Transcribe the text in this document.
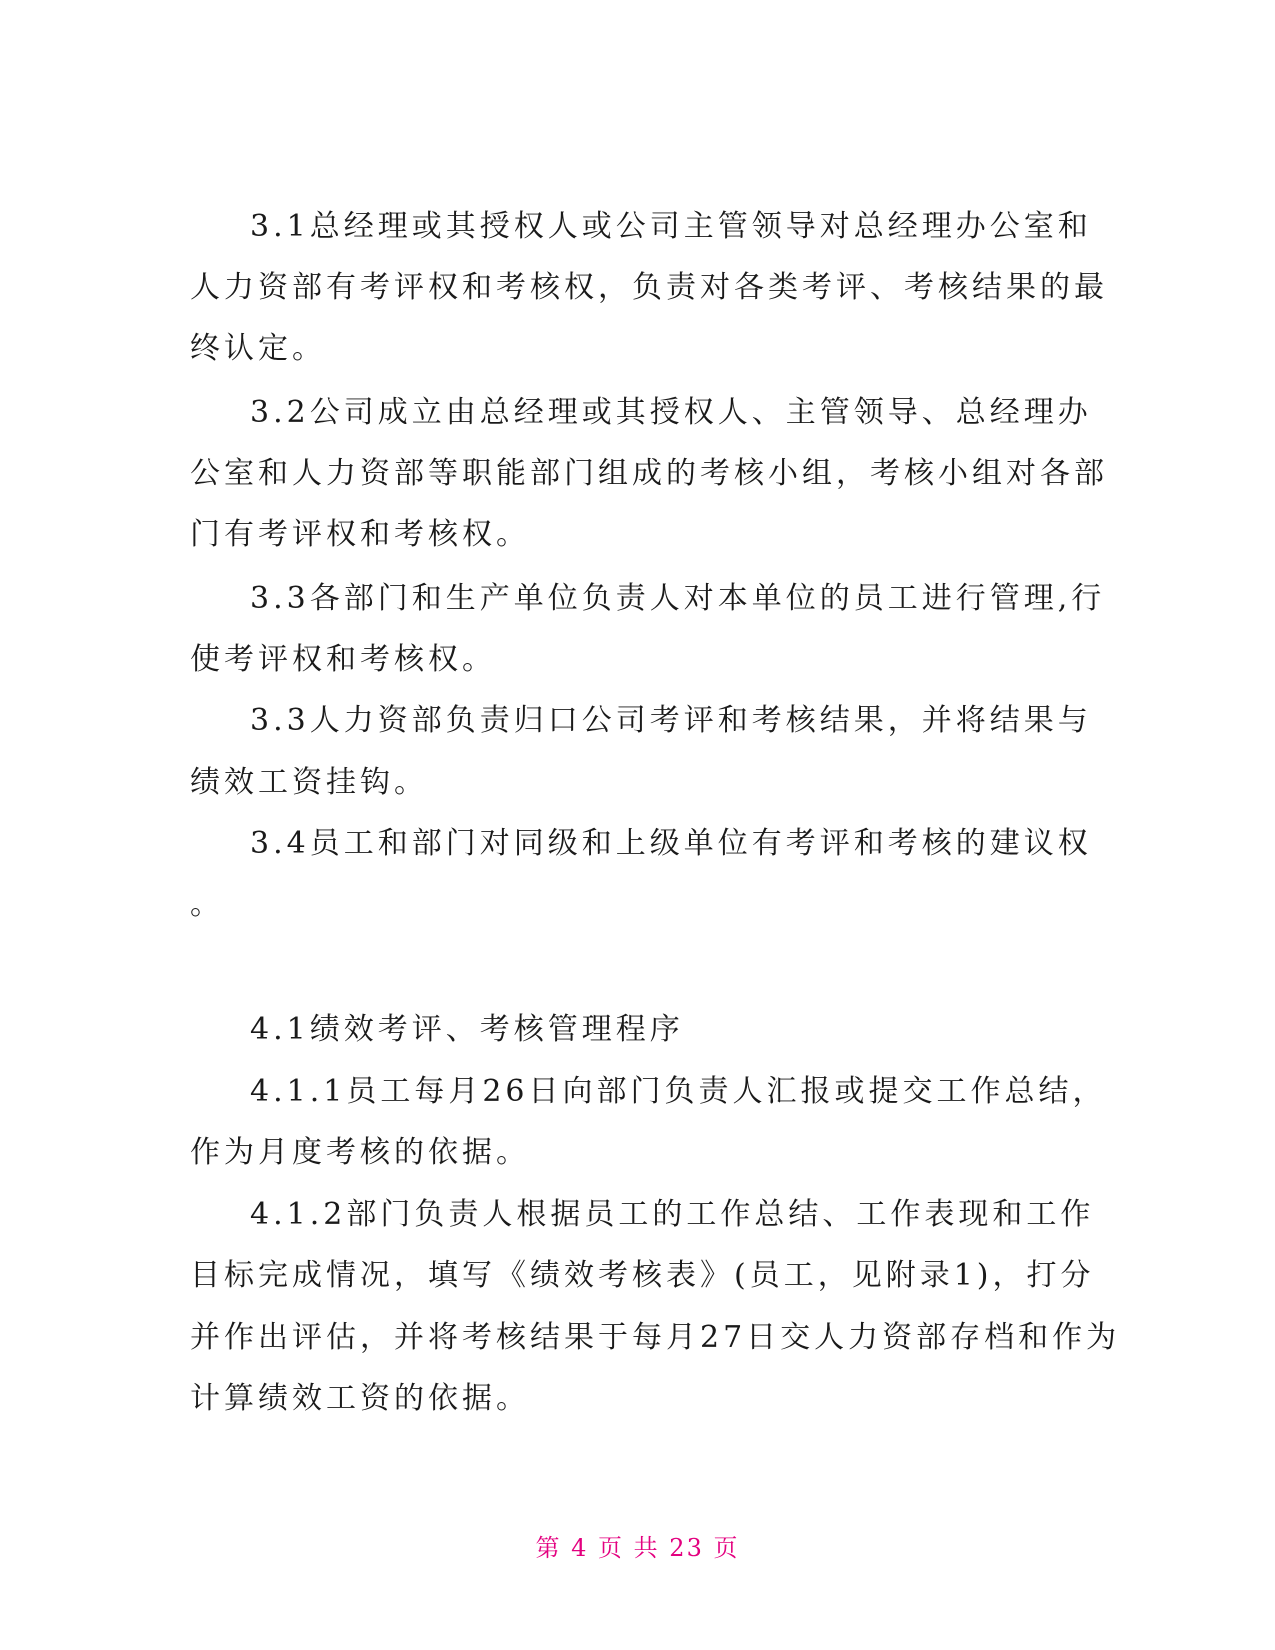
3.1总经理或其授权人或公司主管领导对总经理办公室和
人力资部有考评权和考核权，负责对各类考评、考核结果的最
终认定。
3.2公司成立由总经理或其授权人、主管领导、总经理办
公室和人力资部等职能部门组成的考核小组，考核小组对各部
门有考评权和考核权。
3.3各部门和生产单位负责人对本单位的员工进行管理,行
使考评权和考核权。
3.3人力资部负责归口公司考评和考核结果，并将结果与
绩效工资挂钩。
3.4员工和部门对同级和上级单位有考评和考核的建议权
。
4.1绩效考评、考核管理程序
4.1.1员工每月26日向部门负责人汇报或提交工作总结，
作为月度考核的依据。
4.1.2部门负责人根据员工的工作总结、工作表现和工作
目标完成情况，填写《绩效考核表》(员工，见附录1)，打分
并作出评估，并将考核结果于每月27日交人力资部存档和作为
计算绩效工资的依据。
第 4 页 共 23 页
